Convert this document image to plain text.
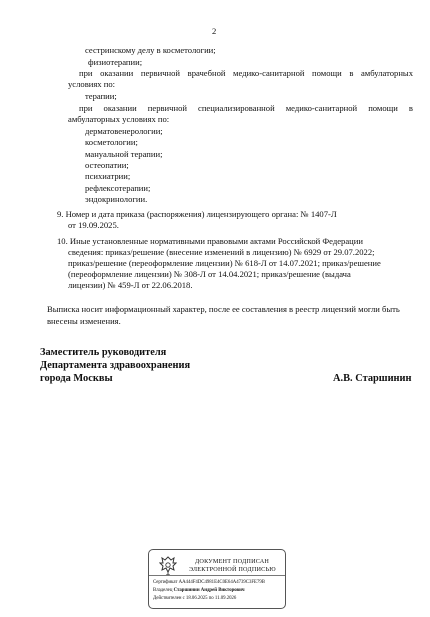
2
сестринскому делу в косметологии;
физиотерапии;
при оказании первичной врачебной медико-санитарной помощи в амбулаторных
условиях по:
терапии;
при оказании первичной специализированной медико-санитарной помощи в
амбулаторных условиях по:
дерматовенерологии;
косметологии;
мануальной терапии;
остеопатии;
психиатрии;
рефлексотерапии;
эндокринологии.
9. Номер и дата приказа (распоряжения) лицензирующего органа: № 1407-Л
от 19.09.2025.
10. Иные установленные нормативными правовыми актами Российской Федерации
сведения: приказ/решение (внесение изменений в лицензию) № 6929 от 29.07.2022;
приказ/решение (переоформление лицензии) № 618-Л от 14.07.2021; приказ/решение
(переоформление лицензии) № 308-Л от 14.04.2021; приказ/решение (выдача
лицензии) № 459-Л от 22.06.2018.
Выписка носит информационный характер, после ее составления в реестр лицензий могли быть
внесены изменения.
Заместитель руководителя
Департамента здравоохранения
города Москвы	А.В. Старшинин
ДОКУМЕНТ ПОДПИСАН
ЭЛЕКТРОННОЙ ПОДПИСЬЮ
Сертификат AA444F4DC4981E4C0E64A4739C3FE79B
Владелец Старшинин Андрей Викторович
Действителен с 18.06.2025 по 11.09.2026
